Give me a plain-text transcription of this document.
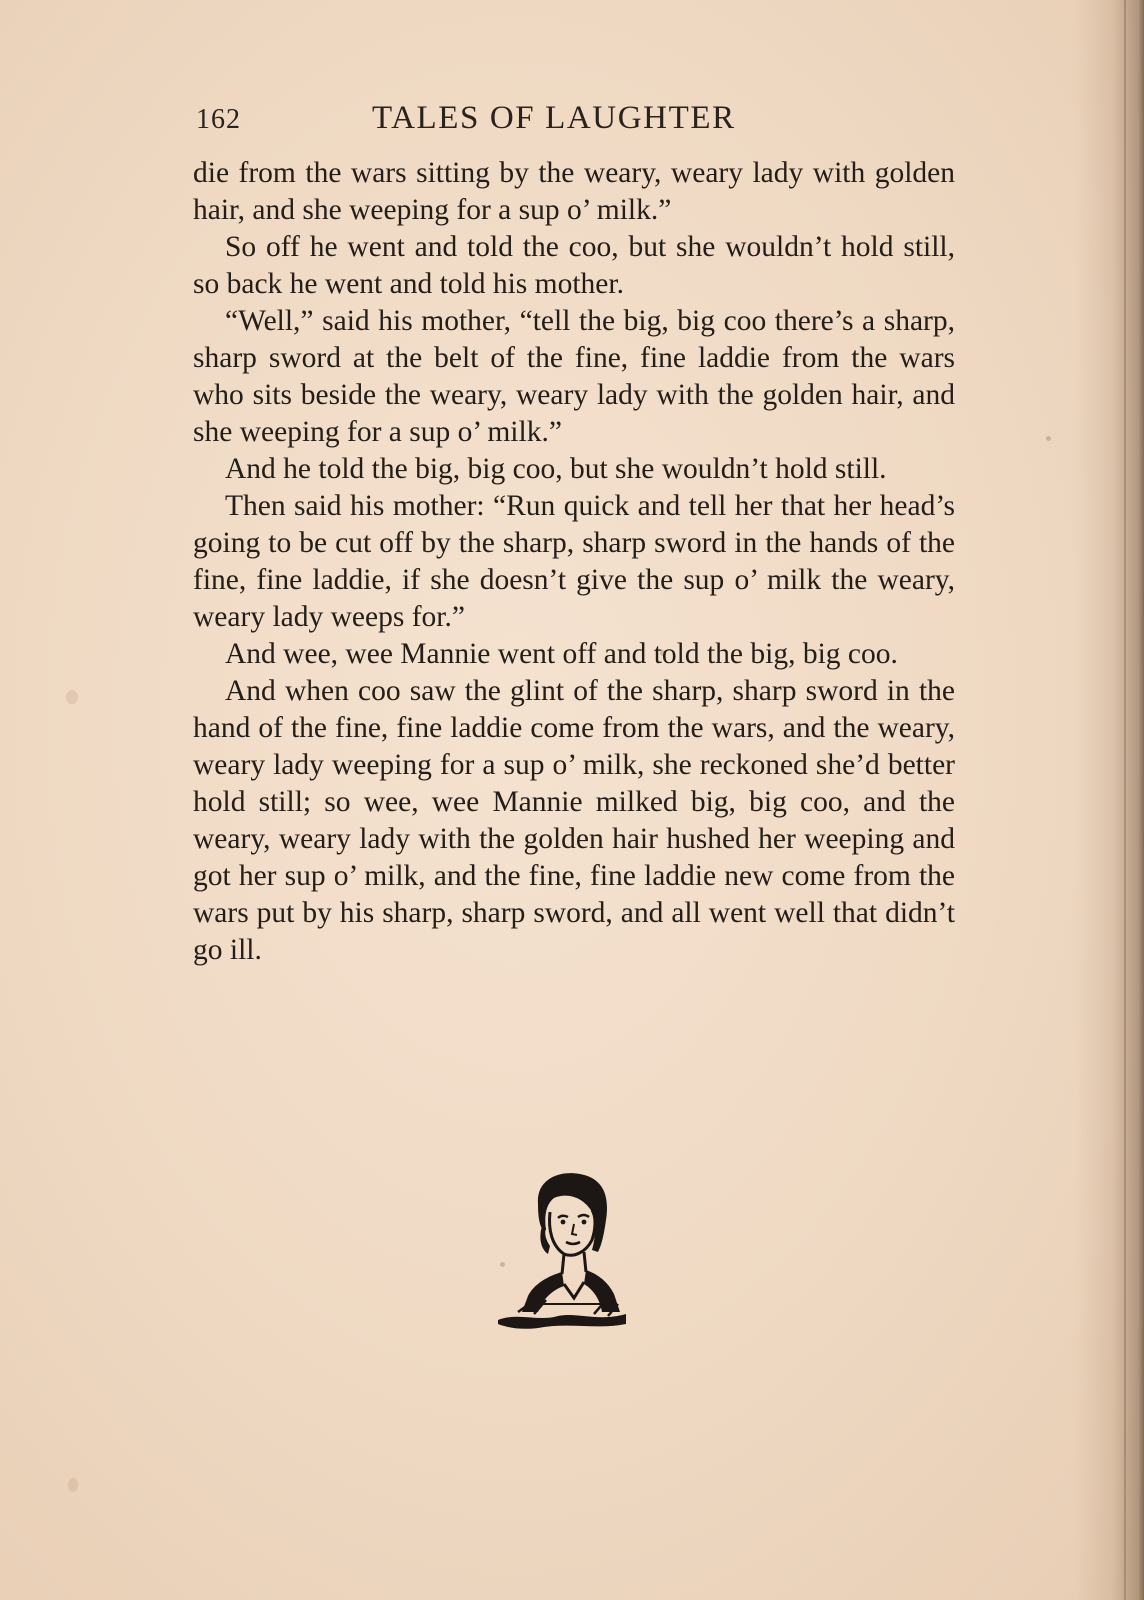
162	TALES OF LAUGHTER

die from the wars sitting by the weary, weary lady with golden hair, and she weeping for a sup o’ milk.”

So off he went and told the coo, but she wouldn’t hold still, so back he went and told his mother.

“Well,” said his mother, “tell the big, big coo there’s a sharp, sharp sword at the belt of the fine, fine laddie from the wars who sits beside the weary, weary lady with the golden hair, and she weeping for a sup o’ milk.”

And he told the big, big coo, but she wouldn’t hold still.

Then said his mother: “Run quick and tell her that her head’s going to be cut off by the sharp, sharp sword in the hands of the fine, fine laddie, if she doesn’t give the sup o’ milk the weary, weary lady weeps for.”

And wee, wee Mannie went off and told the big, big coo.

And when coo saw the glint of the sharp, sharp sword in the hand of the fine, fine laddie come from the wars, and the weary, weary lady weeping for a sup o’ milk, she reckoned she’d better hold still; so wee, wee Mannie milked big, big coo, and the weary, weary lady with the golden hair hushed her weeping and got her sup o’ milk, and the fine, fine laddie new come from the wars put by his sharp, sharp sword, and all went well that didn’t go ill.
